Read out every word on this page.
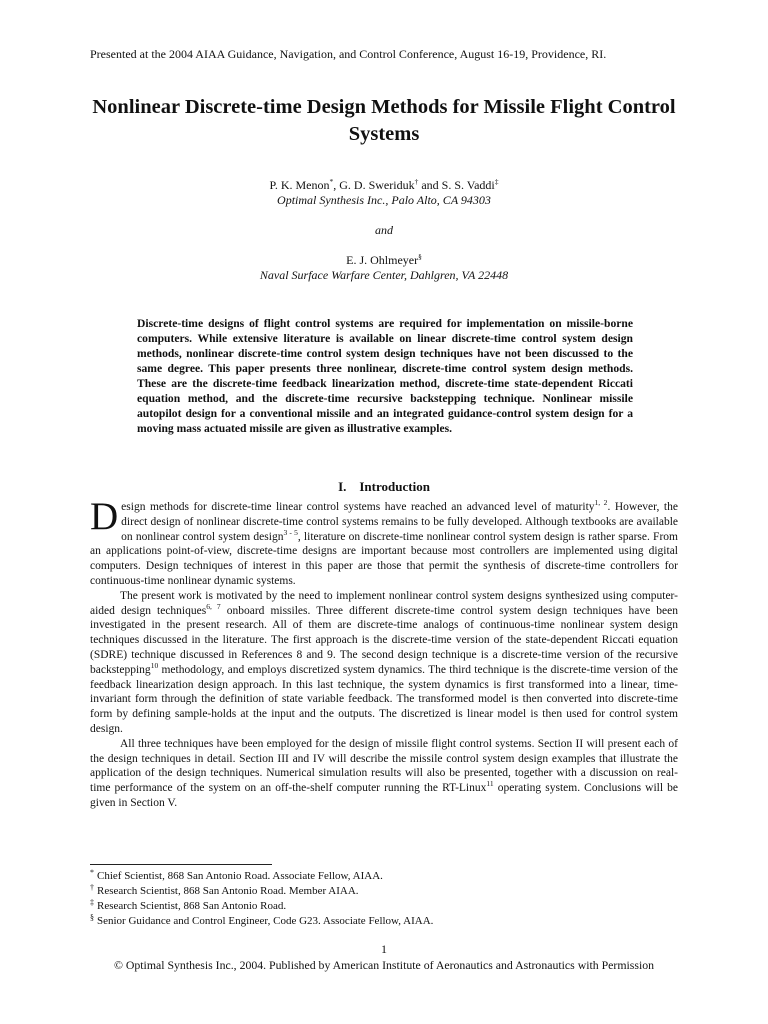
Presented at the 2004 AIAA Guidance, Navigation, and Control Conference, August 16-19, Providence, RI.
Nonlinear Discrete-time Design Methods for Missile Flight Control Systems
P. K. Menon*, G. D. Sweriduk† and S. S. Vaddi‡
Optimal Synthesis Inc., Palo Alto, CA 94303
and
E. J. Ohlmeyer§
Naval Surface Warfare Center, Dahlgren, VA 22448
Discrete-time designs of flight control systems are required for implementation on missile-borne computers. While extensive literature is available on linear discrete-time control system design methods, nonlinear discrete-time control system design techniques have not been discussed to the same degree. This paper presents three nonlinear, discrete-time control system design methods. These are the discrete-time feedback linearization method, discrete-time state-dependent Riccati equation method, and the discrete-time recursive backstepping technique. Nonlinear missile autopilot design for a conventional missile and an integrated guidance-control system design for a moving mass actuated missile are given as illustrative examples.
I. Introduction

Design methods for discrete-time linear control systems have reached an advanced level of maturity$^{1, 2}$. However, the direct design of nonlinear discrete-time control systems remains to be fully developed. Although textbooks are available on nonlinear control system design$^{3 - 5}$, literature on discrete-time nonlinear control system design is rather sparse. From an applications point-of-view, discrete-time designs are important because most controllers are implemented using digital computers. Design techniques of interest in this paper are those that permit the synthesis of discrete-time controllers for continuous-time nonlinear dynamic systems.

The present work is motivated by the need to implement nonlinear control system designs synthesized using computer-aided design techniques$^{6, 7}$ onboard missiles. Three different discrete-time control system design techniques have been investigated in the present research. All of them are discrete-time analogs of continuous-time nonlinear system design techniques discussed in the literature. The first approach is the discrete-time version of the state-dependent Riccati equation (SDRE) technique discussed in References 8 and 9. The second design technique is a discrete-time version of the recursive backstepping$^{10}$ methodology, and employs discretized system dynamics. The third technique is the discrete-time version of the feedback linearization design approach. In this last technique, the system dynamics is first transformed into a linear, time-invariant form through the definition of state variable feedback. The transformed model is then converted into discrete-time form by defining sample-holds at the input and the outputs. The discretized is linear model is then used for control system design.

All three techniques have been employed for the design of missile flight control systems. Section II will present each of the design techniques in detail. Section III and IV will describe the missile control system design examples that illustrate the application of the design techniques. Numerical simulation results will also be presented, together with a discussion on real-time performance of the system on an off-the-shelf computer running the RT-Linux$^{11}$ operating system. Conclusions will be given in Section V.

* Chief Scientist, 868 San Antonio Road. Associate Fellow, AIAA.
† Research Scientist, 868 San Antonio Road. Member AIAA.
‡ Research Scientist, 868 San Antonio Road.
§ Senior Guidance and Control Engineer, Code G23. Associate Fellow, AIAA.
1
© Optimal Synthesis Inc., 2004. Published by American Institute of Aeronautics and Astronautics with Permission
